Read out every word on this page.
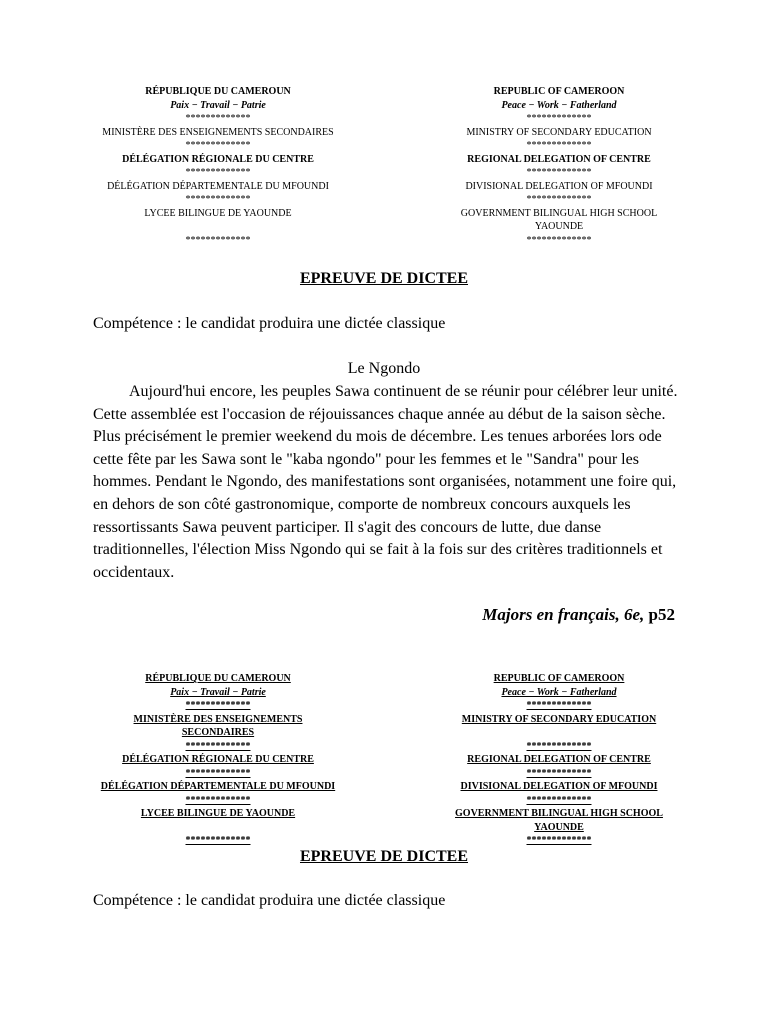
RÉPUBLIQUE DU CAMEROUN
Paix − Travail − Patrie
*************
MINISTÈRE DES ENSEIGNEMENTS SECONDAIRES
*************
DÉLÉGATION RÉGIONALE DU CENTRE
*************
DÉLÉGATION DÉPARTEMENTALE DU MFOUNDI
*************
LYCEE BILINGUE DE YAOUNDE
*************
REPUBLIC OF CAMEROON
Peace − Work − Fatherland
*************
MINISTRY OF SECONDARY EDUCATION
*************
REGIONAL DELEGATION OF CENTRE
*************
DIVISIONAL DELEGATION OF MFOUNDI
*************
GOVERNMENT BILINGUAL HIGH SCHOOL
YAOUNDE
*************
EPREUVE DE DICTEE
Compétence : le candidat produira une dictée classique
Le Ngondo

Aujourd'hui encore, les peuples Sawa continuent de se réunir pour célébrer leur unité. Cette assemblée est l'occasion de réjouissances chaque année au début de la saison sèche. Plus précisément le premier weekend du mois de décembre. Les tenues arborées lors ode cette fête par les Sawa sont le "kaba ngondo" pour les femmes et le "Sandra" pour les hommes. Pendant le Ngondo, des manifestations sont organisées, notamment une foire qui, en dehors de son côté gastronomique, comporte de nombreux concours auxquels les ressortissants Sawa peuvent participer. Il s'agit des concours de lutte, due danse traditionnelles, l'élection Miss Ngondo qui se fait à la fois sur des critères traditionnels et occidentaux.

Majors en français, 6e, p52
RÉPUBLIQUE DU CAMEROUN
Paix − Travail − Patrie
*************
MINISTÈRE DES ENSEIGNEMENTS
SECONDAIRES
*************
DÉLÉGATION RÉGIONALE DU CENTRE
*************
DÉLÉGATION DÉPARTEMENTALE DU MFOUNDI
*************
LYCEE BILINGUE DE YAOUNDE
*************
REPUBLIC OF CAMEROON
Peace − Work − Fatherland
*************
MINISTRY OF SECONDARY EDUCATION
*************
REGIONAL DELEGATION OF CENTRE
*************
DIVISIONAL DELEGATION OF MFOUNDI
*************
GOVERNMENT BILINGUAL HIGH SCHOOL
YAOUNDE
*************
EPREUVE DE DICTEE
Compétence : le candidat produira une dictée classique
